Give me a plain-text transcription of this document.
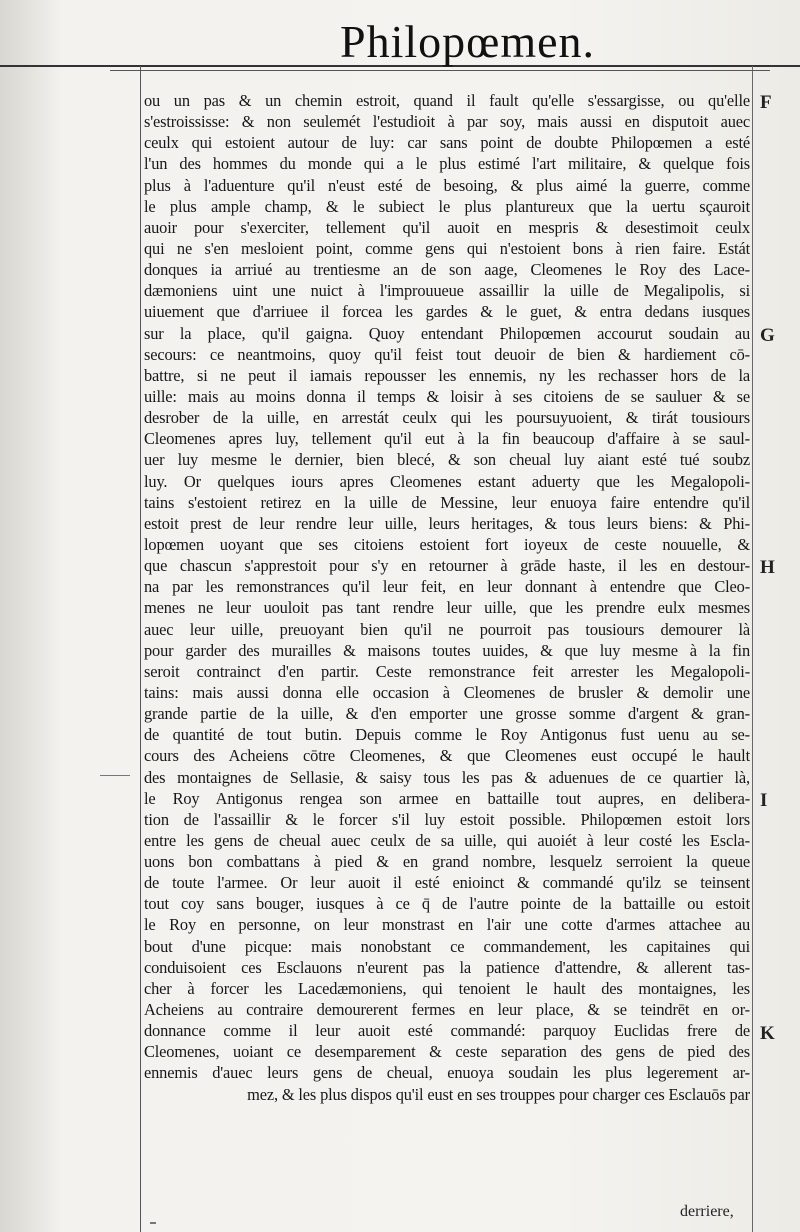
Philopœmen.
ou un pas & un chemin estroit, quand il fault qu'elle s'essargisse, ou qu'elle
s'estroississe: & non seulemét l'estudioit à par soy, mais aussi en disputoit auec
ceulx qui estoient autour de luy: car sans point de doubte Philopœmen a esté
l'un des hommes du monde qui a le plus estimé l'art militaire, & quelque fois
plus à l'aduenture qu'il n'eust esté de besoing, & plus aimé la guerre, comme
le plus ample champ, & le subiect le plus plantureux que la uertu sçauroit
auoir pour s'exerciter, tellement qu'il auoit en mespris & desestimoit ceulx
qui ne s'en mesloient point, comme gens qui n'estoient bons à rien faire. Estát
donques ia arriué au trentiesme an de son aage, Cleomenes le Roy des Lace-
dæmoniens uint une nuict à l'improuueue assaillir la uille de Megalipolis, si
uiuement que d'arriuee il forcea les gardes & le guet, & entra dedans iusques
sur la place, qu'il gaigna. Quoy entendant Philopœmen accourut soudain au
secours: ce neantmoins, quoy qu'il feist tout deuoir de bien & hardiement cō-
battre, si ne peut il iamais repousser les ennemis, ny les rechasser hors de la
uille: mais au moins donna il temps & loisir à ses citoiens de se sauluer & se
desrober de la uille, en arrestát ceulx qui les poursuyuoient, & tirát tousiours
Cleomenes apres luy, tellement qu'il eut à la fin beaucoup d'affaire à se saul-
uer luy mesme le dernier, bien blecé, & son cheual luy aiant esté tué soubz
luy. Or quelques iours apres Cleomenes estant aduerty que les Megalopoli-
tains s'estoient retirez en la uille de Messine, leur enuoya faire entendre qu'il
estoit prest de leur rendre leur uille, leurs heritages, & tous leurs biens: & Phi-
lopœmen uoyant que ses citoiens estoient fort ioyeux de ceste nouuelle, &
que chascun s'apprestoit pour s'y en retourner à grāde haste, il les en destour-
na par les remonstrances qu'il leur feit, en leur donnant à entendre que Cleo-
menes ne leur uouloit pas tant rendre leur uille, que les prendre eulx mesmes
auec leur uille, preuoyant bien qu'il ne pourroit pas tousiours demourer là
pour garder des murailles & maisons toutes uuides, & que luy mesme à la fin
seroit contrainct d'en partir. Ceste remonstrance feit arrester les Megalopoli-
tains: mais aussi donna elle occasion à Cleomenes de brusler & demolir une
grande partie de la uille, & d'en emporter une grosse somme d'argent & gran-
de quantité de tout butin. Depuis comme le Roy Antigonus fust uenu au se-
cours des Acheiens cōtre Cleomenes, & que Cleomenes eust occupé le hault
des montaignes de Sellasie, & saisy tous les pas & aduenues de ce quartier là,
le Roy Antigonus rengea son armee en battaille tout aupres, en delibera-
tion de l'assaillir & le forcer s'il luy estoit possible. Philopœmen estoit lors
entre les gens de cheual auec ceulx de sa uille, qui auoiét à leur costé les Escla-
uons bon combattans à pied & en grand nombre, lesquelz serroient la queue
de toute l'armee. Or leur auoit il esté enioinct & commandé qu'ilz se teinsent
tout coy sans bouger, iusques à ce q̄ de l'autre pointe de la battaille ou estoit
le Roy en personne, on leur monstrast en l'air une cotte d'armes attachee au
bout d'une picque: mais nonobstant ce commandement, les capitaines qui
conduisoient ces Esclauons n'eurent pas la patience d'attendre, & allerent tas-
cher à forcer les Lacedæmoniens, qui tenoient le hault des montaignes, les
Acheiens au contraire demourerent fermes en leur place, & se teindrēt en or-
donnance comme il leur auoit esté commandé: parquoy Euclidas frere de
Cleomenes, uoiant ce desemparement & ceste separation des gens de pied des
ennemis d'auec leurs gens de cheual, enuoya soudain les plus legerement ar-
mez, & les plus dispos qu'il eust en ses trouppes pour charger ces Esclauōs par
F
G
H
I
K
derriere,
